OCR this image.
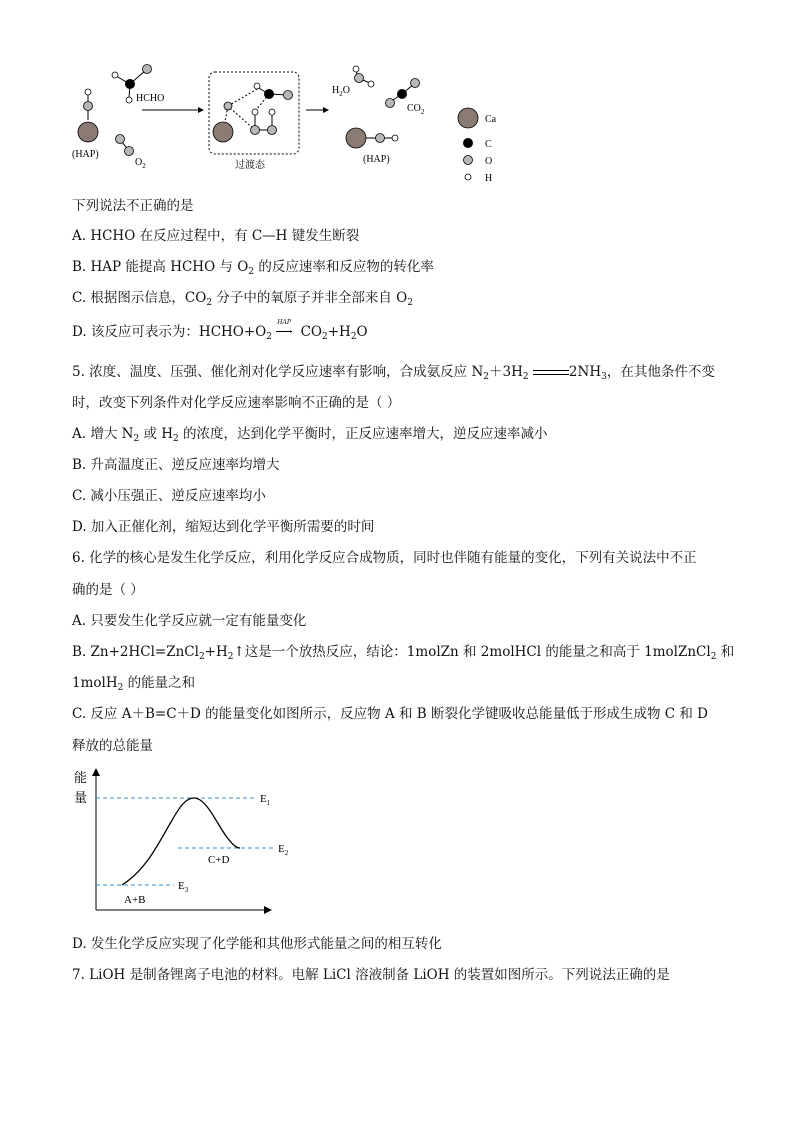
(HAP)
HCHO
$O_2$	过渡态
$H_2O$
$CO_2$
(HAP)
Ca
C
O
H
下列说法不正确的是
A. HCHO 在反应过程中，有 C—H 键发生断裂
B. HAP 能提高 HCHO 与 $O_2$ 的反应速率和反应物的转化率
C. 根据图示信息，$CO_2$ 分子中的氧原子并非全部来自 $O_2$
D. 该反应可表示为：$HCHO+O_2$
HAP
› $CO_2+H_2O$
5. 浓度、温度、压强、催化剂对化学反应速率有影响，合成氨反应 $N_2+3H_2$	$2NH_3$，在其他条件不变
时，改变下列条件对化学反应速率影响不正确的是（ ）
A. 增大 $N_2$ 或 $H_2$ 的浓度，达到化学平衡时，正反应速率增大，逆反应速率减小
B. 升高温度正、逆反应速率均增大
C. 减小压强正、逆反应速率均小
D. 加入正催化剂，缩短达到化学平衡所需要的时间
6. 化学的核心是发生化学反应，利用化学反应合成物质，同时也伴随有能量的变化，下列有关说法中不正
确的是（ ）
A. 只要发生化学反应就一定有能量变化
B. $Zn+2HCl=ZnCl_2+H_2↑$这是一个放热反应，结论：1molZn 和 2molHCl 的能量之和高于 1molZnCl$_2$ 和
1molH$_2$ 的能量之和
C. 反应 A＋B=C＋D 的能量变化如图所示，反应物 A 和 B 断裂化学键吸收总能量低于形成生成物 C 和 D
释放的总能量
能
量	$E_1$
$E_2$
$E_3$
C+D
A+B
D. 发生化学反应实现了化学能和其他形式能量之间的相互转化
7. LiOH 是制备锂离子电池的材料。电解 LiCl 溶液制备 LiOH 的装置如图所示。下列说法正确的是
